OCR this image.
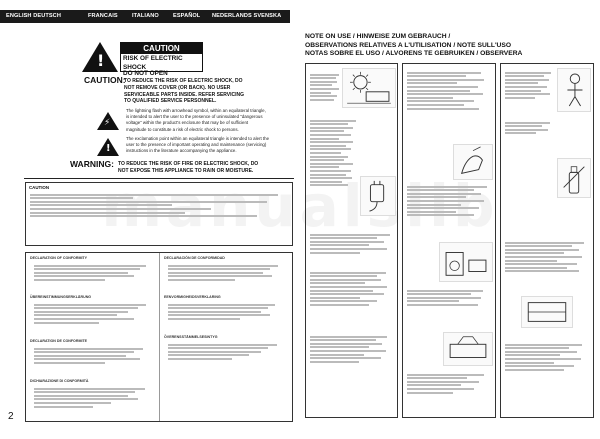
ENGLISH DEUTSCH	FRANCAIS	ITALIANO	ESPAÑOL NEDERLANDS SVENSKA
manualslib
!
CAUTION
RISK OF ELECTRIC SHOCK
DO NOT OPEN
CAUTION:
TO REDUCE THE RISK OF ELECTRIC SHOCK, DO
NOT REMOVE COVER (OR BACK). NO USER
SERVICEABLE PARTS INSIDE. REFER SERVICING
TO QUALIFIED SERVICE PERSONNEL.
⚡
The lightning flash with arrowhead symbol, within an equilateral triangle,
is intended to alert the user to the presence of uninsulated "dangerous
voltage" within the product's enclosure that may be of sufficient
magnitude to constitute a risk of electric shock to persons.
!
The exclamation point within an equilateral triangle is intended to alert the
user to the presence of important operating and maintenance (servicing)
instructions in the literature accompanying the appliance.
WARNING: TO REDUCE THE RISK OF FIRE OR ELECTRIC SHOCK, DO
NOT EXPOSE THIS APPLIANCE TO RAIN OR MOISTURE.
CAUTION
DECLARATION OF CONFORMITY
ÜBEREINSTIMMUNGSERKLÄRUNG
DECLARATION DE CONFORMITE
DICHIARAZIONE DI CONFORMITÀ
DECLARACIÓN DE CONFORMIDAD
EENVORMIGHEIDSVERKLARING
ÖVERENSSTÄMMELSESINTYG
2
NOTE ON USE / HINWEISE ZUM GEBRAUCH /
OBSERVATIONS RELATIVES A L'UTILISATION / NOTE SULL'USO
NOTAS SOBRE EL USO / ALVORENS TE GEBRUIKEN / OBSERVERA
